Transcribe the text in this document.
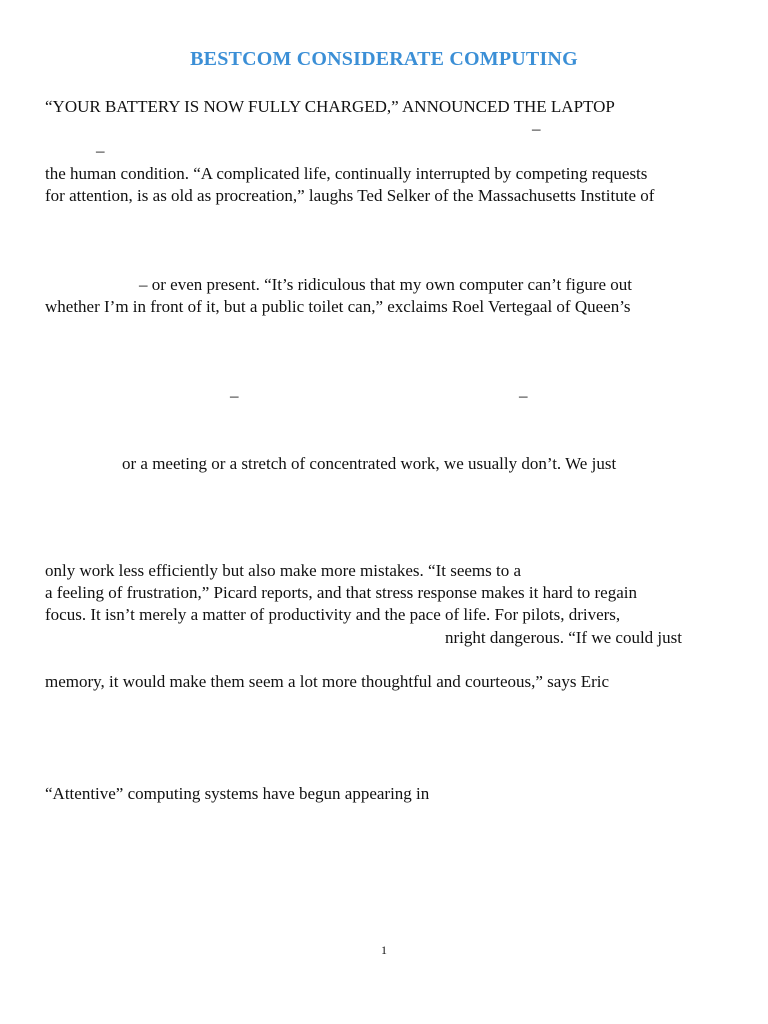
BESTCOM CONSIDERATE COMPUTING
“YOUR BATTERY IS NOW FULLY CHARGED,” ANNOUNCED THE LAPTOP
–
–
the human condition. “A complicated life, continually interrupted by competing requests
for attention, is as old as procreation,” laughs Ted Selker of the Massachusetts Institute of
– or even present. “It’s ridiculous that my own computer can’t figure out
whether I’m in front of it, but a public toilet can,” exclaims Roel Vertegaal of Queen’s
–	–
or a meeting or a stretch of concentrated work, we usually don’t. We just
only work less efficiently but also make more mistakes. “It seems to a
a feeling of frustration,” Picard reports, and that stress response makes it hard to regain
focus. It isn’t merely a matter of productivity and the pace of life. For pilots, drivers,
nright dangerous. “If we could just
memory, it would make them seem a lot more thoughtful and courteous,” says Eric
“Attentive” computing systems have begun appearing in
1
